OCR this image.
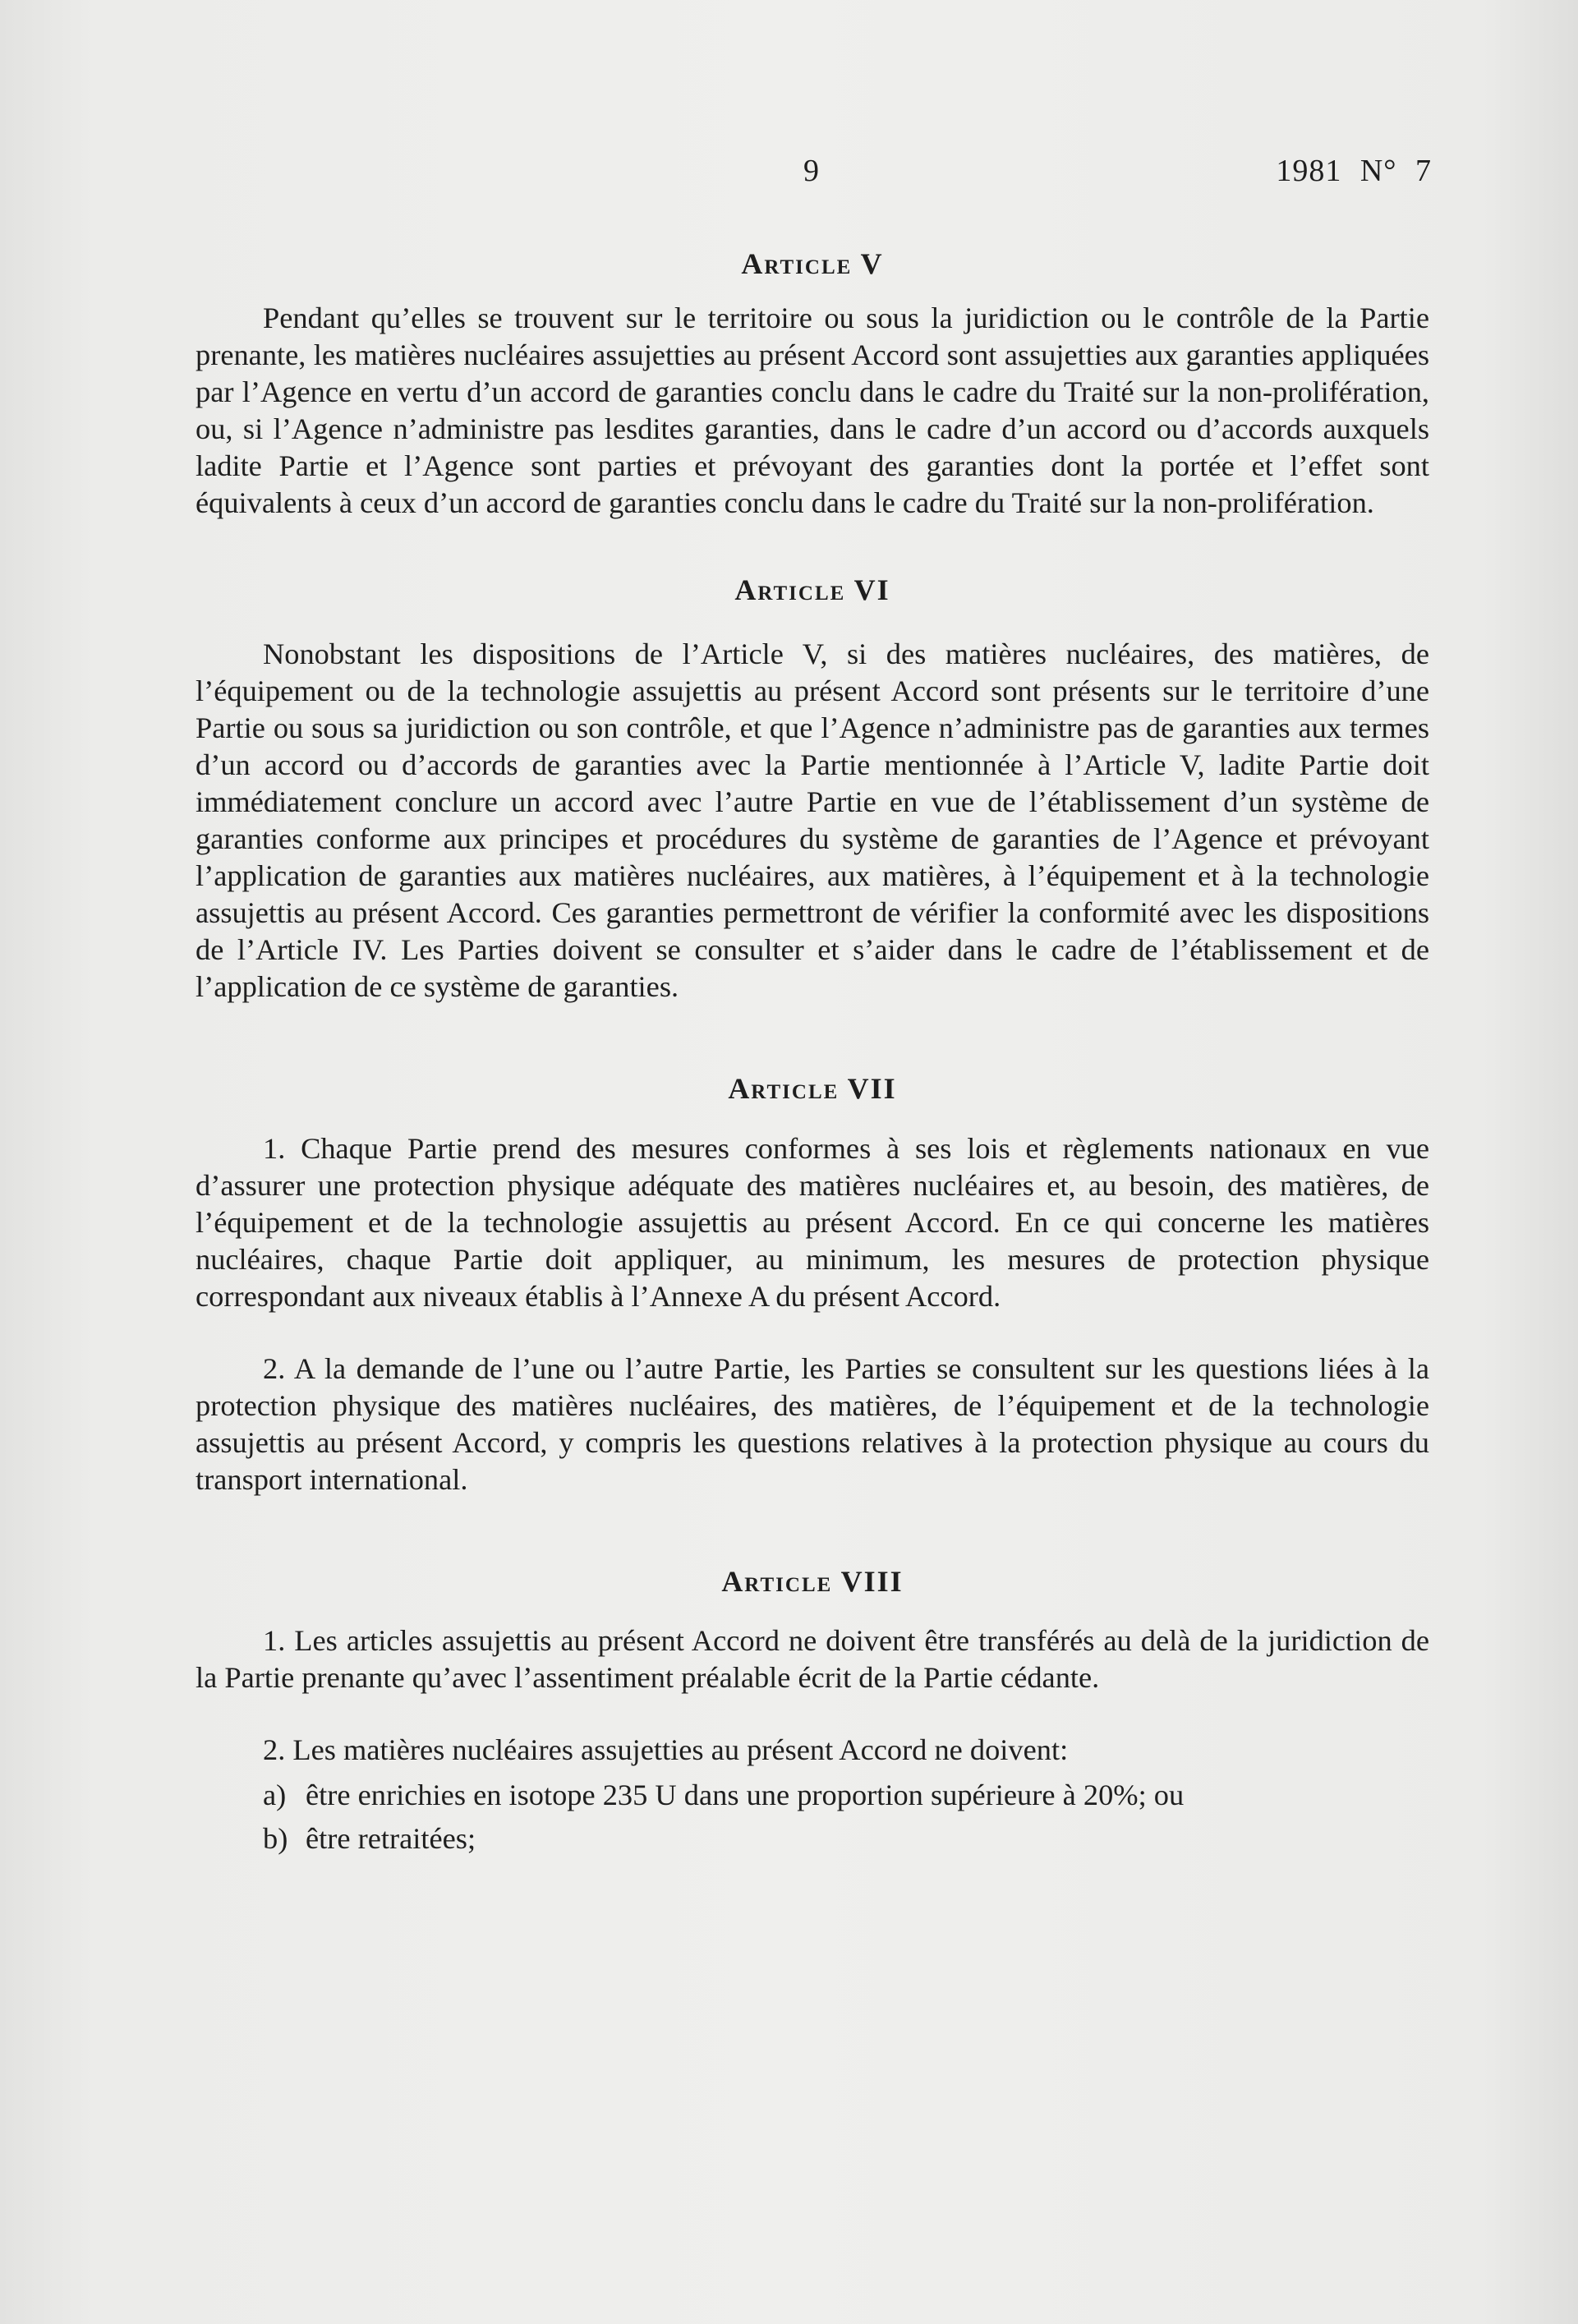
9	1981 N° 7
Article V

Pendant qu’elles se trouvent sur le territoire ou sous la juridiction ou le contrôle de la Partie prenante, les matières nucléaires assujetties au présent Accord sont assujetties aux garanties appliquées par l’Agence en vertu d’un accord de garanties conclu dans le cadre du Traité sur la non-prolifération, ou, si l’Agence n’administre pas lesdites garanties, dans le cadre d’un accord ou d’accords auxquels ladite Partie et l’Agence sont parties et prévoyant des garanties dont la portée et l’effet sont équivalents à ceux d’un accord de garanties conclu dans le cadre du Traité sur la non-prolifération.

Article VI

Nonobstant les dispositions de l’Article V, si des matières nucléaires, des matières, de l’équipement ou de la technologie assujettis au présent Accord sont présents sur le territoire d’une Partie ou sous sa juridiction ou son contrôle, et que l’Agence n’administre pas de garanties aux termes d’un accord ou d’accords de garanties avec la Partie mentionnée à l’Article V, ladite Partie doit immédiatement conclure un accord avec l’autre Partie en vue de l’établissement d’un système de garanties conforme aux principes et procédures du système de garanties de l’Agence et prévoyant l’application de garanties aux matières nucléaires, aux matières, à l’équipement et à la technologie assujettis au présent Accord. Ces garanties permettront de vérifier la conformité avec les dispositions de l’Article IV. Les Parties doivent se consulter et s’aider dans le cadre de l’établissement et de l’application de ce système de garanties.

Article VII

1. Chaque Partie prend des mesures conformes à ses lois et règlements nationaux en vue d’assurer une protection physique adéquate des matières nucléaires et, au besoin, des matières, de l’équipement et de la technologie assujettis au présent Accord. En ce qui concerne les matières nucléaires, chaque Partie doit appliquer, au minimum, les mesures de protection physique correspondant aux niveaux établis à l’Annexe A du présent Accord.

2. A la demande de l’une ou l’autre Partie, les Parties se consultent sur les questions liées à la protection physique des matières nucléaires, des matières, de l’équipement et de la technologie assujettis au présent Accord, y compris les questions relatives à la protection physique au cours du transport international.

Article VIII

1. Les articles assujettis au présent Accord ne doivent être transférés au delà de la juridiction de la Partie prenante qu’avec l’assentiment préalable écrit de la Partie cédante.

2. Les matières nucléaires assujetties au présent Accord ne doivent:

a) être enrichies en isotope 235 U dans une proportion supérieure à 20%; ou

b) être retraitées;
